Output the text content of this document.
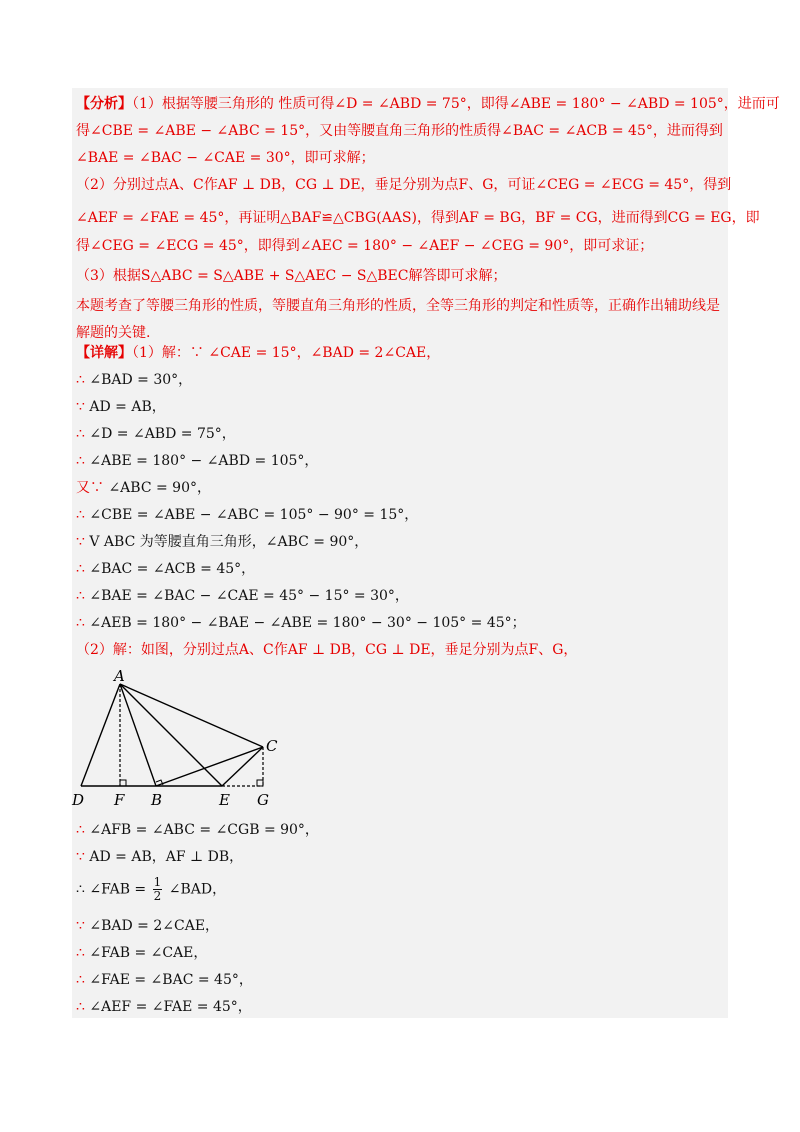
【分析】（1）根据等腰三角形的 性质可得∠D = ∠ABD = 75°，即得∠ABE = 180° − ∠ABD = 105°，进而可
得∠CBE = ∠ABE − ∠ABC = 15°，又由等腰直角三角形的性质得∠BAC = ∠ACB = 45°，进而得到
∠BAE = ∠BAC − ∠CAE = 30°，即可求解；
（2）分别过点A、C作AF ⊥ DB，CG ⊥ DE，垂足分别为点F、G，可证∠CEG = ∠ECG = 45°，得到
∠AEF = ∠FAE = 45°，再证明△BAF≌△CBG(AAS)，得到AF = BG，BF = CG，进而得到CG = EG，即
得∠CEG = ∠ECG = 45°，即得到∠AEC = 180° − ∠AEF − ∠CEG = 90°，即可求证；
（3）根据S△ABC = S△ABE + S△AEC − S△BEC解答即可求解；
本题考查了等腰三角形的性质，等腰直角三角形的性质，全等三角形的判定和性质等，正确作出辅助线是
解题的关键.
【详解】（1）解：∵ ∠CAE = 15°，∠BAD = 2∠CAE，
∴ ∠BAD = 30°，
∵ AD = AB，
∴ ∠D = ∠ABD = 75°，
∴ ∠ABE = 180° − ∠ABD = 105°，
又∵ ∠ABC = 90°，
∴ ∠CBE = ∠ABE − ∠ABC = 105° − 90° = 15°，
∵ V ABC 为等腰直角三角形，∠ABC = 90°，
∴ ∠BAC = ∠ACB = 45°，
∴ ∠BAE = ∠BAC − ∠CAE = 45° − 15° = 30°，
∴ ∠AEB = 180° − ∠BAE − ∠ABE = 180° − 30° − 105° = 45°；
（2）解：如图，分别过点A、C作AF ⊥ DB，CG ⊥ DE，垂足分别为点F、G，
A
C
D F B	E G
∴ ∠AFB = ∠ABC = ∠CGB = 90°，
∵ AD = AB，AF ⊥ DB，
∴ ∠FAB = $\frac{1}{2}$ ∠BAD，
∵ ∠BAD = 2∠CAE，
∴ ∠FAB = ∠CAE，
∴ ∠FAE = ∠BAC = 45°，
∴ ∠AEF = ∠FAE = 45°，
